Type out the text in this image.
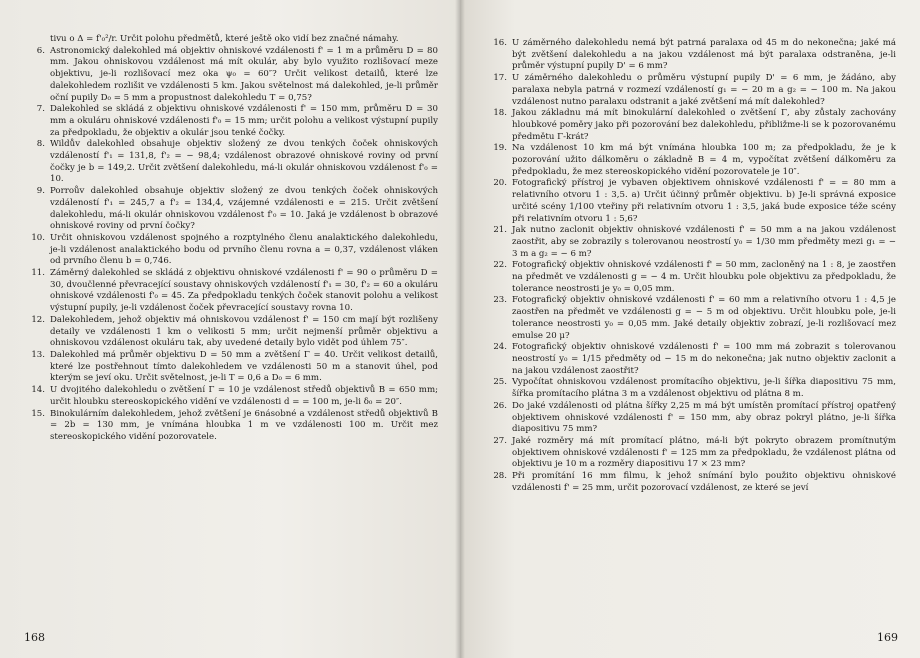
tivu o Δ = f'₀²/r. Určit polohu předmětů, které ještě oko vidí bez značné námahy.
6. Astronomický dalekohled má objektiv ohniskové vzdálenosti f' = 1 m a průměru D = 80 mm. Jakou ohniskovou vzdálenost má mít okulár, aby bylo využito rozlišovací meze objektivu, je-li rozlišovací mez oka ψ₀ = 60″? Určit velikost detailů, které lze dalekohledem rozlišit ve vzdálenosti 5 km. Jakou světelnost má dalekohled, je-li průměr oční pupily D₀ = 5 mm a propustnost dalekohledu T = 0,75?
7. Dalekohled se skládá z objektivu ohniskové vzdálenosti f' = 150 mm, průměru D = 30 mm a okuláru ohniskové vzdálenosti f'₀ = 15 mm; určit polohu a velikost výstupní pupily za předpokladu, že objektiv a okulár jsou tenké čočky.
8. Wildův dalekohled obsahuje objektiv složený ze dvou tenkých čoček ohniskových vzdáleností f'₁ = 131,8, f'₂ = − 98,4; vzdálenost obrazové ohniskové roviny od první čočky je b = 149,2. Určit zvětšení dalekohledu, má-li okulár ohniskovou vzdálenost f'₀ = 10.
9. Porroův dalekohled obsahuje objektiv složený ze dvou tenkých čoček ohniskových vzdáleností f'₁ = 245,7 a f'₂ = 134,4, vzájemné vzdálenosti e = 215. Určit zvětšení dalekohledu, má-li okulár ohniskovou vzdálenost f'₀ = 10. Jaká je vzdálenost b obrazové ohniskové roviny od první čočky?
10. Určit ohniskovou vzdálenost spojného a rozptylného členu analaktického dalekohledu, je-li vzdálenost analaktického bodu od prvního členu rovna a = 0,37, vzdálenost vláken od prvního členu b = 0,746.
11. Záměrný dalekohled se skládá z objektivu ohniskové vzdálenosti f' = 90 o průměru D = 30, dvoučlenné převracející soustavy ohniskových vzdáleností f'₁ = 30, f'₂ = 60 a okuláru ohniskové vzdálenosti f'₀ = 45. Za předpokladu tenkých čoček stanovit polohu a velikost výstupní pupily, je-li vzdálenost čoček převracející soustavy rovna 10.
12. Dalekohledem, jehož objektiv má ohniskovou vzdálenost f' = 150 cm mají být rozlišeny detaily ve vzdálenosti 1 km o velikosti 5 mm; určit nejmenší průměr objektivu a ohniskovou vzdálenost okuláru tak, aby uvedené detaily bylo vidět pod úhlem 75″.
13. Dalekohled má průměr objektivu D = 50 mm a zvětšení Γ = 40. Určit velikost detailů, které lze postřehnout tímto dalekohledem ve vzdálenosti 50 m a stanovit úhel, pod kterým se jeví oku. Určit světelnost, je-li T = 0,6 a D₀ = 6 mm.
14. U dvojitého dalekohledu o zvětšení Γ = 10 je vzdálenost středů objektivů B = 650 mm; určit hloubku stereoskopického vidění ve vzdálenosti d = = 100 m, je-li δ₀ = 20″.
15. Binokulárním dalekohledem, jehož zvětšení je 6násobné a vzdálenost středů objektivů B = 2b = 130 mm, je vnímána hloubka 1 m ve vzdálenosti 100 m. Určit mez stereoskopického vidění pozorovatele.
168
16. U záměrného dalekohledu nemá být patrná paralaxa od 45 m do nekonečna; jaké má být zvětšení dalekohledu a na jakou vzdálenost má být paralaxa odstraněna, je-li průměr výstupní pupily D' = 6 mm?
17. U záměrného dalekohledu o průměru výstupní pupily D' = 6 mm, je žádáno, aby paralaxa nebyla patrná v rozmezí vzdáleností g₁ = − 20 m a g₂ = − 100 m. Na jakou vzdálenost nutno paralaxu odstranit a jaké zvětšení má mít dalekohled?
18. Jakou základnu má mít binokulární dalekohled o zvětšení Γ, aby zůstaly zachovány hloubkové poměry jako při pozorování bez dalekohledu, přibližme-li se k pozorovanému předmětu Γ-krát?
19. Na vzdálenost 10 km má být vnímána hloubka 100 m; za předpokladu, že je k pozorování užito dálkoměru o základně B = 4 m, vypočítat zvětšení dálkoměru za předpokladu, že mez stereoskopického vidění pozorovatele je 10″.
20. Fotografický přístroj je vybaven objektivem ohniskové vzdálenosti f' = = 80 mm a relativního otvoru 1 : 3,5. a) Určit účinný průměr objektivu. b) Je-li správná exposice určité scény 1/100 vteřiny při relativním otvoru 1 : 3,5, jaká bude exposice téže scény při relativním otvoru 1 : 5,6?
21. Jak nutno zaclonit objektiv ohniskové vzdálenosti f' = 50 mm a na jakou vzdálenost zaostřit, aby se zobrazily s tolerovanou neostrostí y₀ = 1/30 mm předměty mezi g₁ = − 3 m a g₂ = − 6 m?
22. Fotografický objektiv ohniskové vzdálenosti f' = 50 mm, zacloněný na 1 : 8, je zaostřen na předmět ve vzdálenosti g = − 4 m. Určit hloubku pole objektivu za předpokladu, že tolerance neostrosti je y₀ = 0,05 mm.
23. Fotografický objektiv ohniskové vzdálenosti f' = 60 mm a relativního otvoru 1 : 4,5 je zaostřen na předmět ve vzdálenosti g = − 5 m od objektivu. Určit hloubku pole, je-li tolerance neostrosti y₀ = 0,05 mm. Jaké detaily objektiv zobrazí, je-li rozlišovací mez emulse 20 μ?
24. Fotografický objektiv ohniskové vzdálenosti f' = 100 mm má zobrazit s tolerovanou neostrostí y₀ = 1/15 předměty od − 15 m do nekonečna; jak nutno objektiv zaclonit a na jakou vzdálenost zaostřit?
25. Vypočítat ohniskovou vzdálenost promítacího objektivu, je-li šířka diapositivu 75 mm, šířka promítacího plátna 3 m a vzdálenost objektivu od plátna 8 m.
26. Do jaké vzdálenosti od plátna šířky 2,25 m má být umístěn promítací přístroj opatřený objektivem ohniskové vzdálenosti f' = 150 mm, aby obraz pokryl plátno, je-li šířka diapositivu 75 mm?
27. Jaké rozměry má mít promítací plátno, má-li být pokryto obrazem promítnutým objektivem ohniskové vzdálenosti f' = 125 mm za předpokladu, že vzdálenost plátna od objektivu je 10 m a rozměry diapositivu 17 × 23 mm?
28. Při promítání 16 mm filmu, k jehož snímání bylo použito objektivu ohniskové vzdálenosti f' = 25 mm, určit pozorovací vzdálenost, ze které se jeví
169
